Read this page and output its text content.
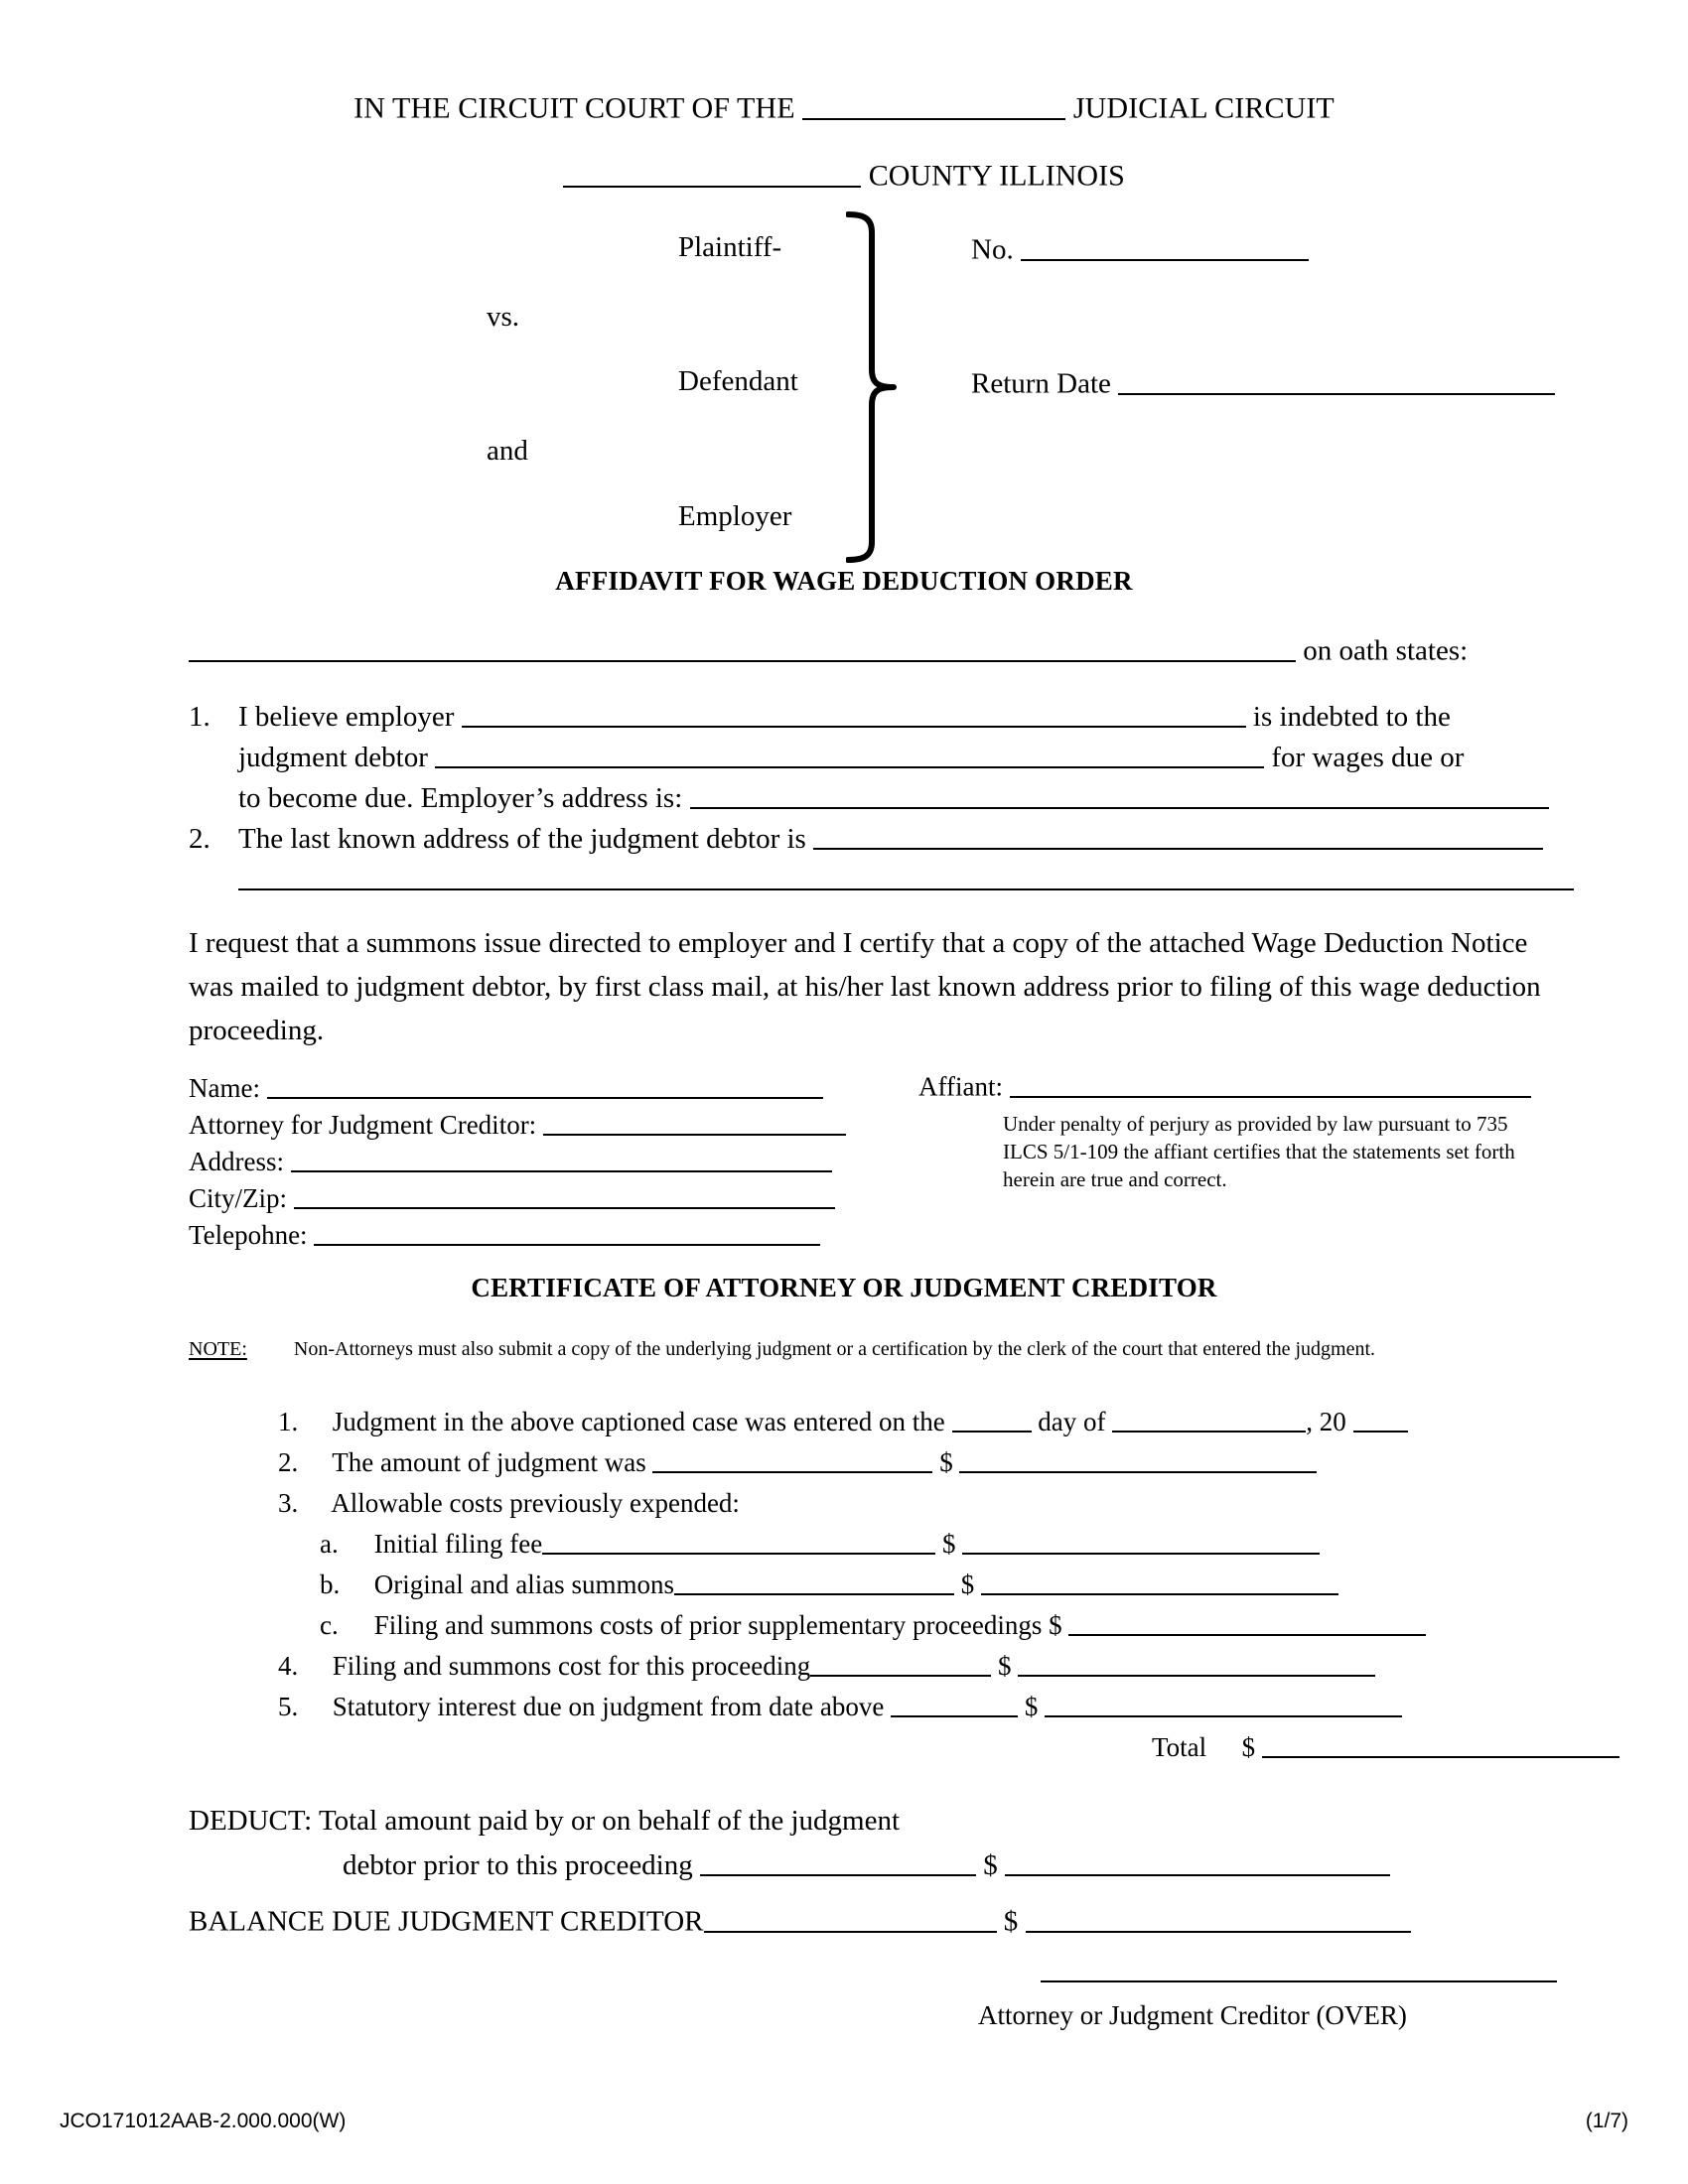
IN THE CIRCUIT COURT OF THE	JUDICIAL CIRCUIT
COUNTY ILLINOIS
vs.
and
Plaintiff-
Defendant
Employer
No.
Return Date
AFFIDAVIT FOR WAGE DEDUCTION ORDER
on oath states:
1. I believe employer	is indebted to the
judgment debtor	for wages due or
to become due. Employer’s address is:
2. The last known address of the judgment debtor is
I request that a summons issue directed to employer and I certify that a copy of the attached Wage Deduction Notice was mailed to judgment debtor, by first class mail, at his/her last known address prior to filing of this wage deduction proceeding.
Name:
Attorney for Judgment Creditor:
Address:
City/Zip:
Telepohne:
Affiant:
Under penalty of perjury as provided by law pursuant to 735 ILCS 5/1-109 the affiant certifies that the statements set forth herein are true and correct.
CERTIFICATE OF ATTORNEY OR JUDGMENT CREDITOR
NOTE: Non-Attorneys must also submit a copy of the underlying judgment or a certification by the clerk of the court that entered the judgment.
1. Judgment in the above captioned case was entered on the	day of	, 20
2. The amount of judgment was	$
3. Allowable costs previously expended:
a. Initial filing fee	$
b. Original and alias summons	$
c. Filing and summons costs of prior supplementary proceedings $
4. Filing and summons cost for this proceeding	$
5. Statutory interest due on judgment from date above	$
Total $
DEDUCT: Total amount paid by or on behalf of the judgment
debtor prior to this proceeding	$
BALANCE DUE JUDGMENT CREDITOR	$
Attorney or Judgment Creditor (OVER)
JCO171012AAB-2.000.000(W)	(1/7)
